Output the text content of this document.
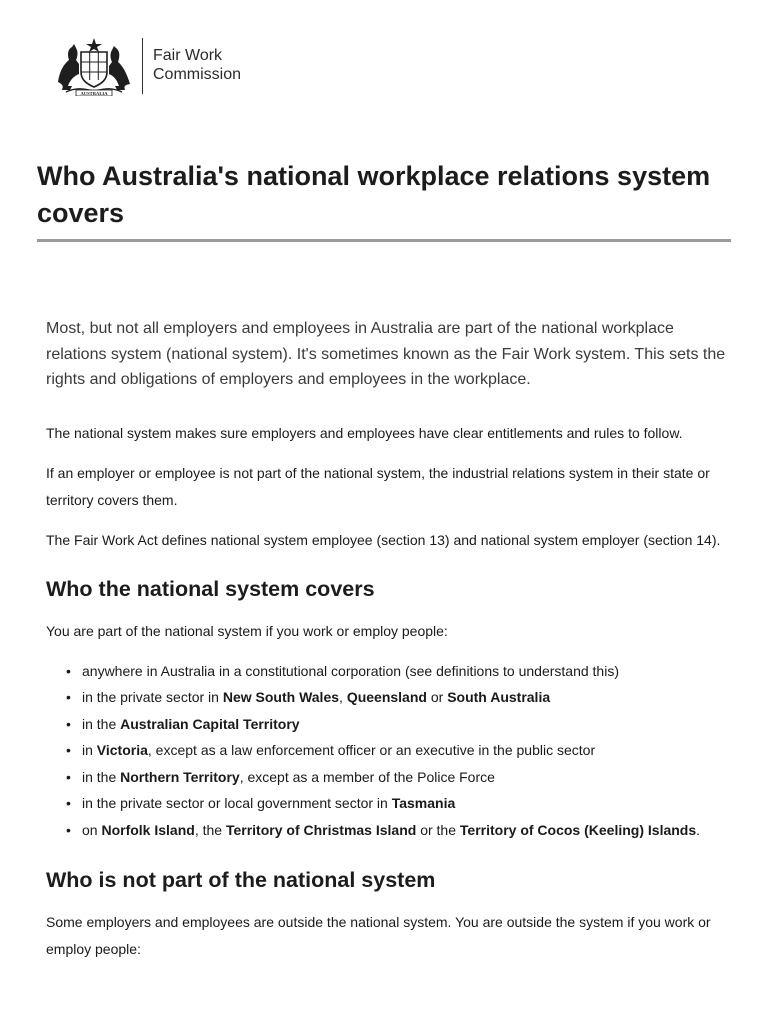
AUSTRALIA
Fair Work
Commission
Who Australia's national workplace relations system covers

Most, but not all employers and employees in Australia are part of the national workplace relations system (national system). It's sometimes known as the Fair Work system. This sets the rights and obligations of employers and employees in the workplace.

The national system makes sure employers and employees have clear entitlements and rules to follow.

If an employer or employee is not part of the national system, the industrial relations system in their state or territory covers them.

The Fair Work Act defines national system employee (section 13) and national system employer (section 14).

Who the national system covers

You are part of the national system if you work or employ people:

• anywhere in Australia in a constitutional corporation (see definitions to understand this)
• in the private sector in New South Wales, Queensland or South Australia
• in the Australian Capital Territory
• in Victoria, except as a law enforcement officer or an executive in the public sector
• in the Northern Territory, except as a member of the Police Force
• in the private sector or local government sector in Tasmania
• on Norfolk Island, the Territory of Christmas Island or the Territory of Cocos (Keeling) Islands.
Who is not part of the national system

Some employers and employees are outside the national system. You are outside the system if you work or employ people:
